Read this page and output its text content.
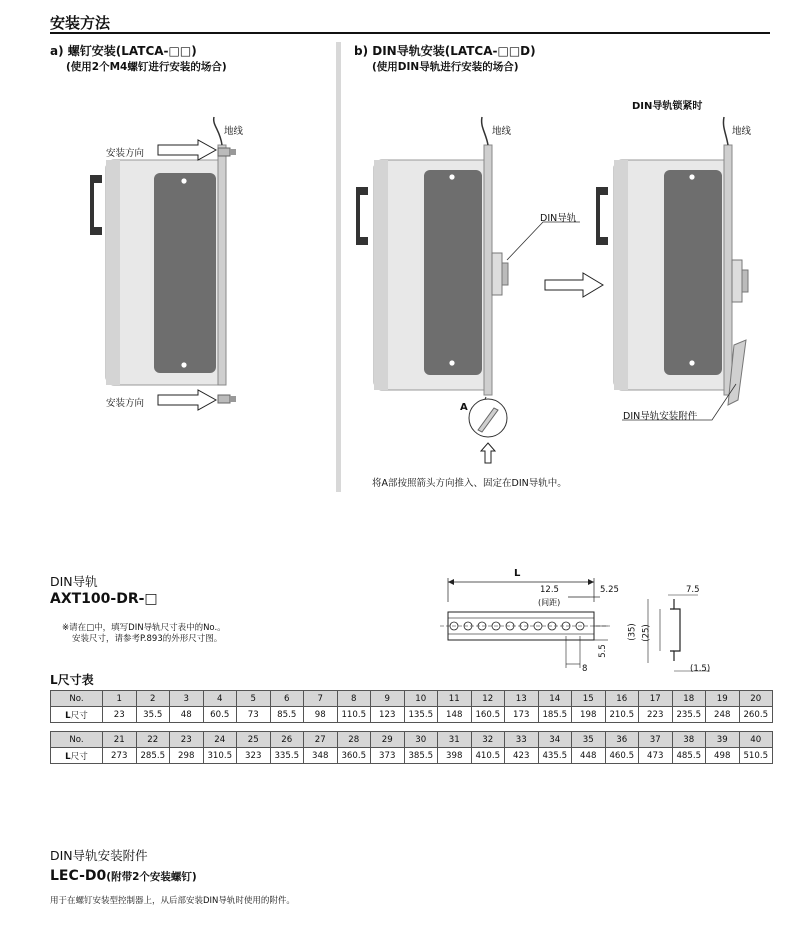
安装方法
a) 螺钉安装(LATCA-□□)
(使用2个M4螺钉进行安装的场合)
地线
安装方向
安装方向
b) DIN导轨安装(LATCA-□□D)
(使用DIN导轨进行安装的场合)
DIN导轨锁紧时
地线
DIN导轨
A
将A部按照箭头方向推入、固定在DIN导轨中。
地线
DIN导轨安装附件
DIN导轨
AXT100-DR-□
※请在□中，填写DIN导轨尺寸表中的No.。
安装尺寸，请参考P.893的外形尺寸图。
L
12.5
(间距)
5.25
8
5.5
7.5
(35) (25)
(1.5)
L尺寸表
No.	1	2	3	4	5	6	7	8	9	10	11	12	13	14	15	16	17	18	19	20
L尺寸	23	35.5	48	60.5	73	85.5	98	110.5	123	135.5	148	160.5	173	185.5	198	210.5	223	235.5	248	260.5
No.	21	22	23	24	25	26	27	28	29	30	31	32	33	34	35	36	37	38	39	40
L尺寸	273	285.5	298	310.5	323	335.5	348	360.5	373	385.5	398	410.5	423	435.5	448	460.5	473	485.5	498	510.5
DIN导轨安装附件
LEC-D0(附带2个安装螺钉)
用于在螺钉安装型控制器上，从后部安装DIN导轨时使用的附件。
